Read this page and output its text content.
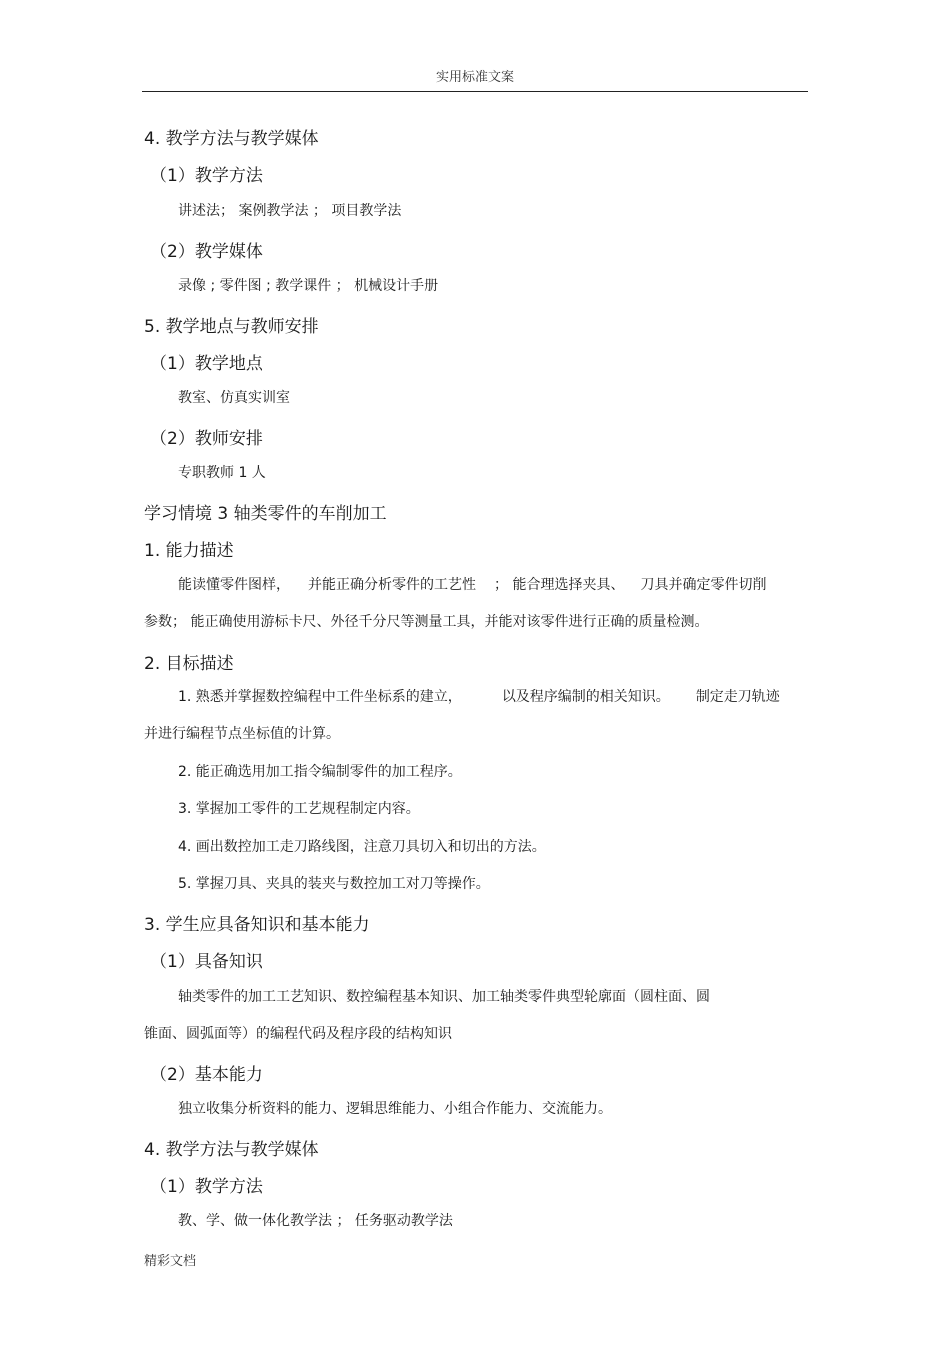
实用标准文案
4. 教学方法与教学媒体
（1）教学方法
讲述法； 案例教学法 ； 项目教学法
（2）教学媒体
录像 ; 零件图 ; 教学课件 ； 机械设计手册
5. 教学地点与教师安排
（1）教学地点
教室、仿真实训室
（2）教师安排
专职教师 1 人
学习情境 3 轴类零件的车削加工
1. 能力描述
能读懂零件图样， 并能正确分析零件的工艺性 ； 能合理选择夹具、 刀具并确定零件切削
参数； 能正确使用游标卡尺、外径千分尺等测量工具，并能对该零件进行正确的质量检测。
2. 目标描述
1. 熟悉并掌握数控编程中工件坐标系的建立，	以及程序编制的相关知识。 制定走刀轨迹
并进行编程节点坐标值的计算。
2. 能正确选用加工指令编制零件的加工程序。
3. 掌握加工零件的工艺规程制定内容。
4. 画出数控加工走刀路线图，注意刀具切入和切出的方法。
5. 掌握刀具、夹具的装夹与数控加工对刀等操作。
3. 学生应具备知识和基本能力
（1）具备知识
轴类零件的加工工艺知识、数控编程基本知识、加工轴类零件典型轮廓面（圆柱面、圆
锥面、圆弧面等）的编程代码及程序段的结构知识
（2）基本能力
独立收集分析资料的能力、逻辑思维能力、小组合作能力、交流能力。
4. 教学方法与教学媒体
（1）教学方法
教、学、做一体化教学法 ； 任务驱动教学法
精彩文档
